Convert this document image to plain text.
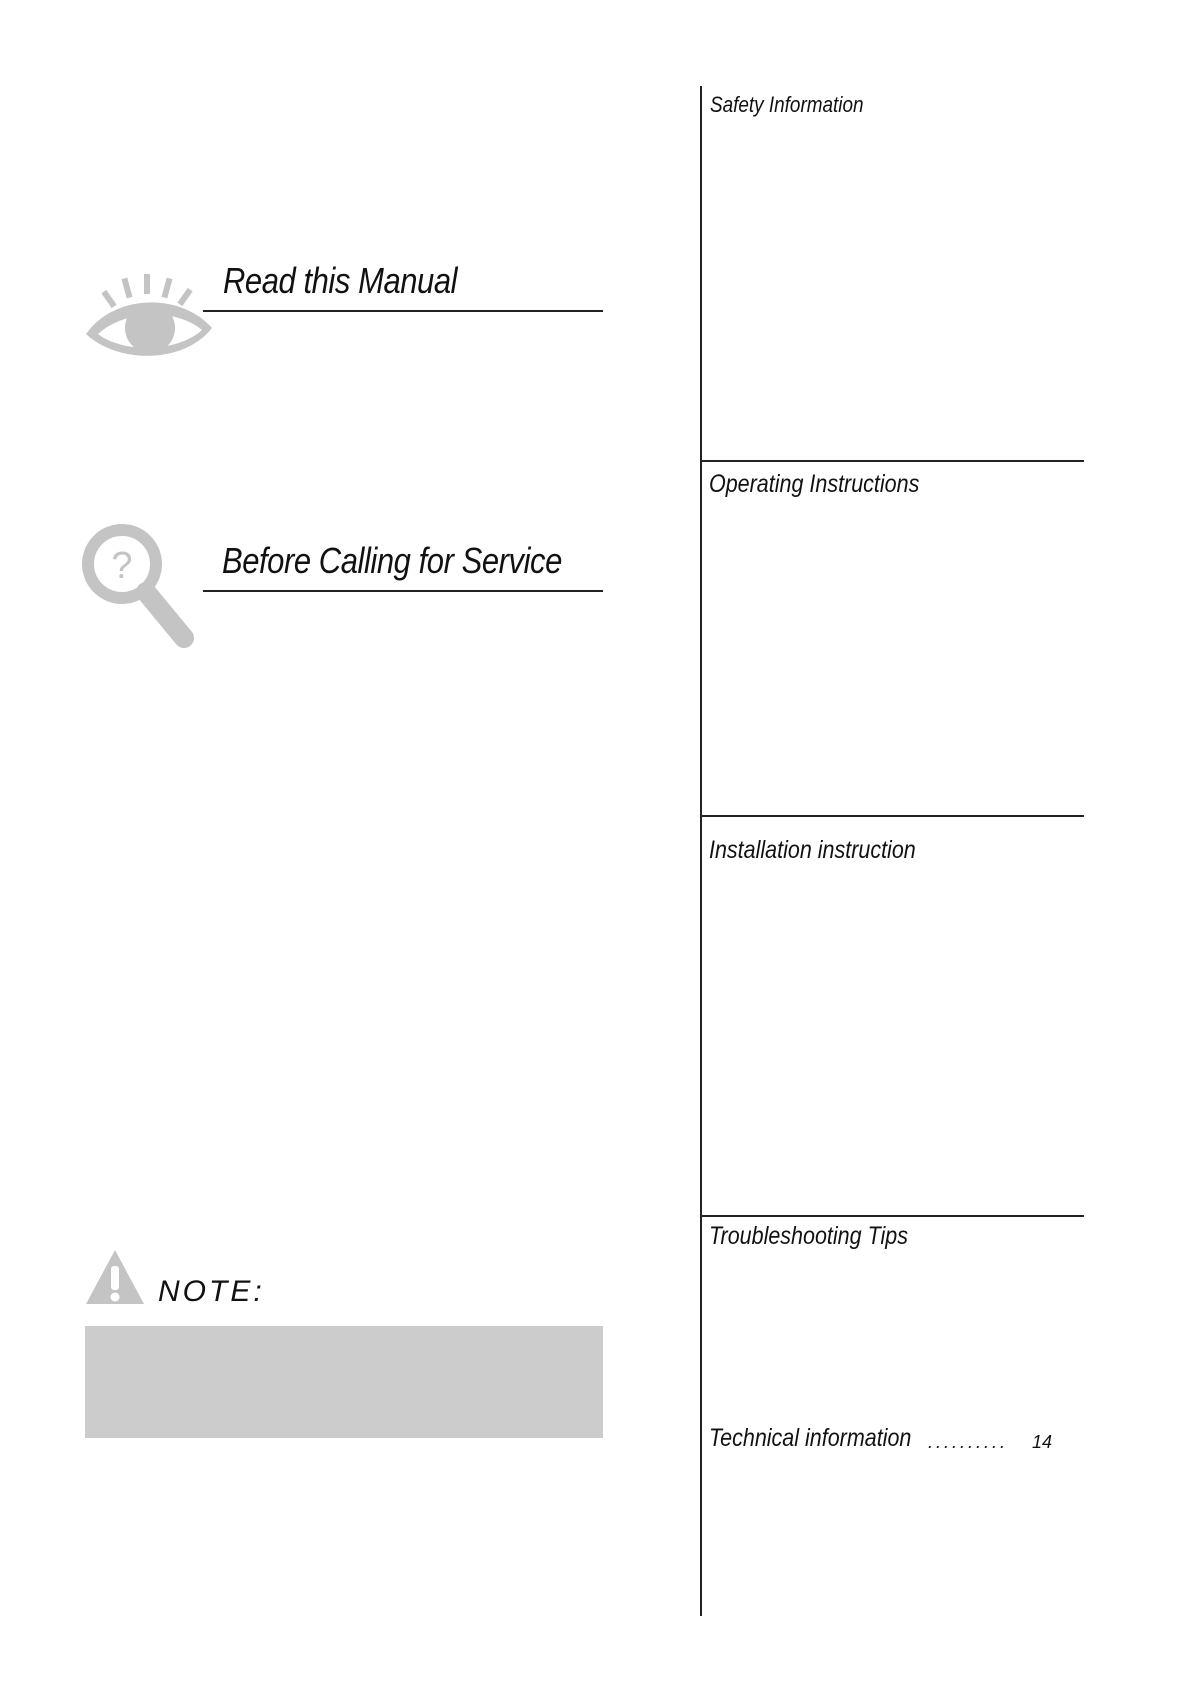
Read this Manual
? Before Calling for Service
NOTE:
Safety Information
Operating Instructions
Installation instruction
Troubleshooting Tips
Technical information .......... 14
